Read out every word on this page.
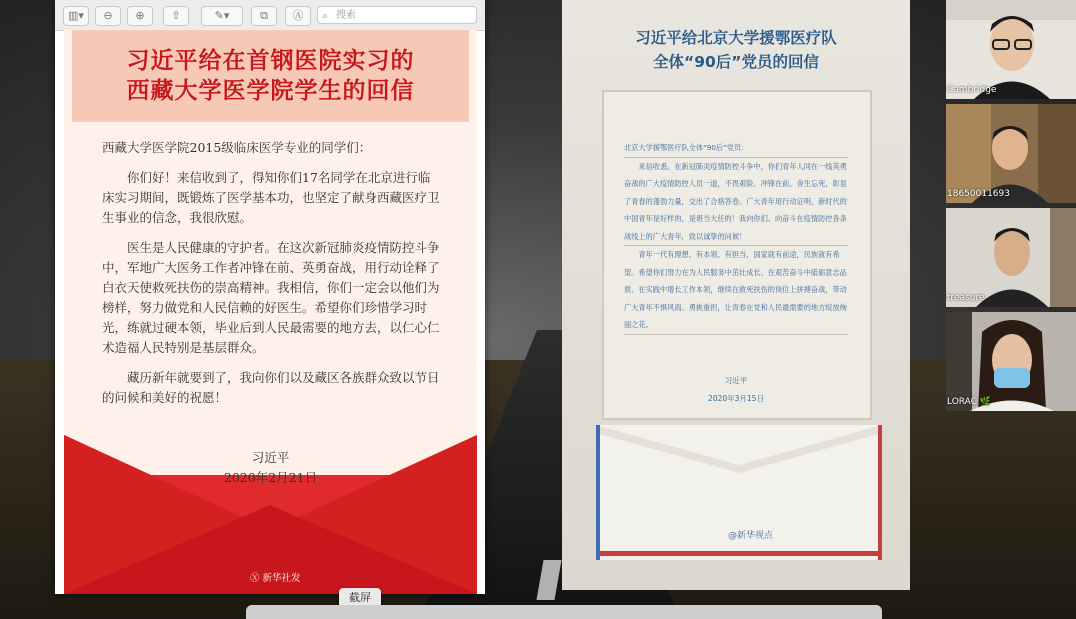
▥▾	⊖	⊕	⇧	✎▾	⧉	Ⓐ	⌕ 搜索
习近平给在首钢医院实习的
西藏大学医学院学生的回信

西藏大学医学院2015级临床医学专业的同学们：

你们好！来信收到了，得知你们17名同学在北京进行临床实习期间，既锻炼了医学基本功，也坚定了献身西藏医疗卫生事业的信念，我很欣慰。

医生是人民健康的守护者。在这次新冠肺炎疫情防控斗争中，军地广大医务工作者冲锋在前、英勇奋战，用行动诠释了白衣天使救死扶伤的崇高精神。我相信，你们一定会以他们为榜样，努力做党和人民信赖的好医生。希望你们珍惜学习时光，练就过硬本领，毕业后到人民最需要的地方去，以仁心仁术造福人民特别是基层群众。

藏历新年就要到了，我向你们以及藏区各族群众致以节日的问候和美好的祝愿！

习近平
2020年2月21日
Ⓧ 新华社发
习近平给北京大学援鄂医疗队
全体“90后”党员的回信

北京大学援鄂医疗队全体“90后”党员：

来信收悉。在新冠肺炎疫情防控斗争中，你们青年人同在一线英勇奋战的广大疫情防控人员一道，不畏艰险、冲锋在前、舍生忘死，彰显了青春的蓬勃力量，交出了合格答卷。广大青年用行动证明，新时代的中国青年是好样的，是堪当大任的！我向你们、向奋斗在疫情防控各条战线上的广大青年，致以诚挚的问候！

青年一代有理想、有本领、有担当，国家就有前途，民族就有希望。希望你们努力在为人民服务中茁壮成长、在艰苦奋斗中砥砺意志品质、在实践中增长工作本领，继续在救死扶伤的岗位上拼搏奋战，带动广大青年不惧风雨、勇挑重担，让青春在党和人民最需要的地方绽放绚丽之花。

习近平
2020年3月15日
@新华视点
Cambridge
18650011693
treasure
LORAC 🌿
截屏
